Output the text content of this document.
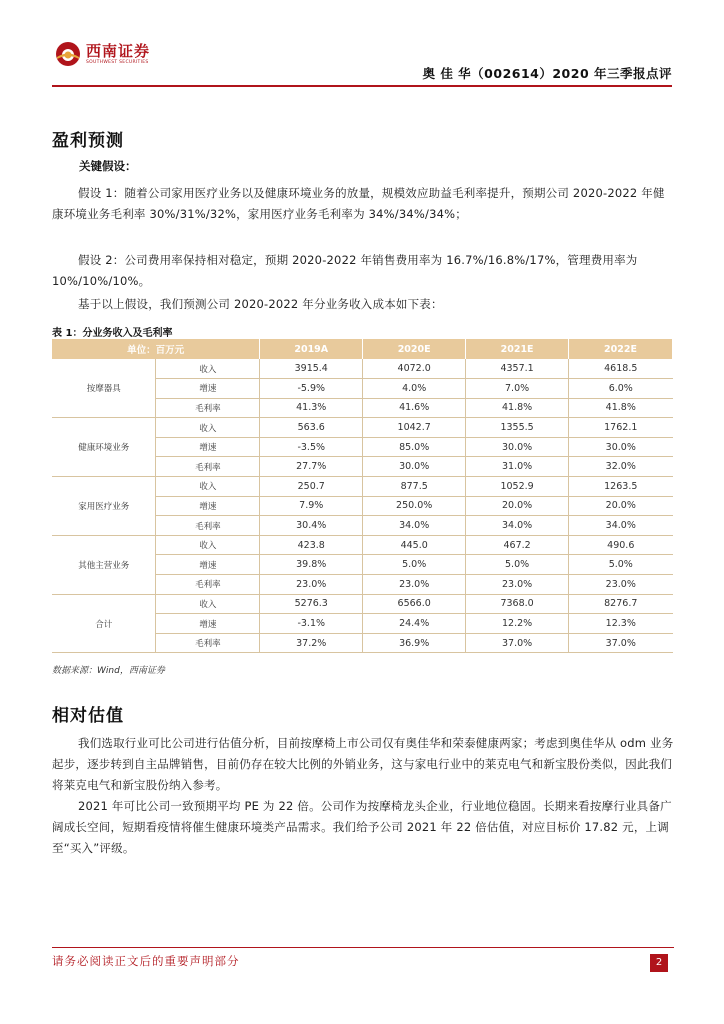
西南证券
SOUTHWEST SECURITIES
奥 佳 华（002614）2020 年三季报点评
盈利预测
关键假设：
假设 1：随着公司家用医疗业务以及健康环境业务的放量，规模效应助益毛利率提升，预期公司 2020-2022 年健康环境业务毛利率 30%/31%/32%，家用医疗业务毛利率为 34%/34%/34%；
假设 2：公司费用率保持相对稳定，预期 2020-2022 年销售费用率为 16.7%/16.8%/17%，管理费用率为 10%/10%/10%。
基于以上假设，我们预测公司 2020-2022 年分业务收入成本如下表：
表 1：分业务收入及毛利率
单位：百万元		2019A	2020E	2021E	2022E
按摩器具	收入	3915.4	4072.0	4357.1	4618.5
	增速	-5.9%	4.0%	7.0%	6.0%
	毛利率	41.3%	41.6%	41.8%	41.8%
健康环境业务	收入	563.6	1042.7	1355.5	1762.1
	增速	-3.5%	85.0%	30.0%	30.0%
	毛利率	27.7%	30.0%	31.0%	32.0%
家用医疗业务	收入	250.7	877.5	1052.9	1263.5
	增速	7.9%	250.0%	20.0%	20.0%
	毛利率	30.4%	34.0%	34.0%	34.0%
其他主营业务	收入	423.8	445.0	467.2	490.6
	增速	39.8%	5.0%	5.0%	5.0%
	毛利率	23.0%	23.0%	23.0%	23.0%
合计	收入	5276.3	6566.0	7368.0	8276.7
	增速	-3.1%	24.4%	12.2%	12.3%
	毛利率	37.2%	36.9%	37.0%	37.0%
数据来源：Wind，西南证券
相对估值
我们选取行业可比公司进行估值分析，目前按摩椅上市公司仅有奥佳华和荣泰健康两家；考虑到奥佳华从 odm 业务起步，逐步转到自主品牌销售，目前仍存在较大比例的外销业务，这与家电行业中的莱克电气和新宝股份类似，因此我们将莱克电气和新宝股份纳入参考。
2021 年可比公司一致预期平均 PE 为 22 倍。公司作为按摩椅龙头企业，行业地位稳固。长期来看按摩行业具备广阔成长空间，短期看疫情将催生健康环境类产品需求。我们给予公司 2021 年 22 倍估值，对应目标价 17.82 元，上调至“买入”评级。
请务必阅读正文后的重要声明部分	2
